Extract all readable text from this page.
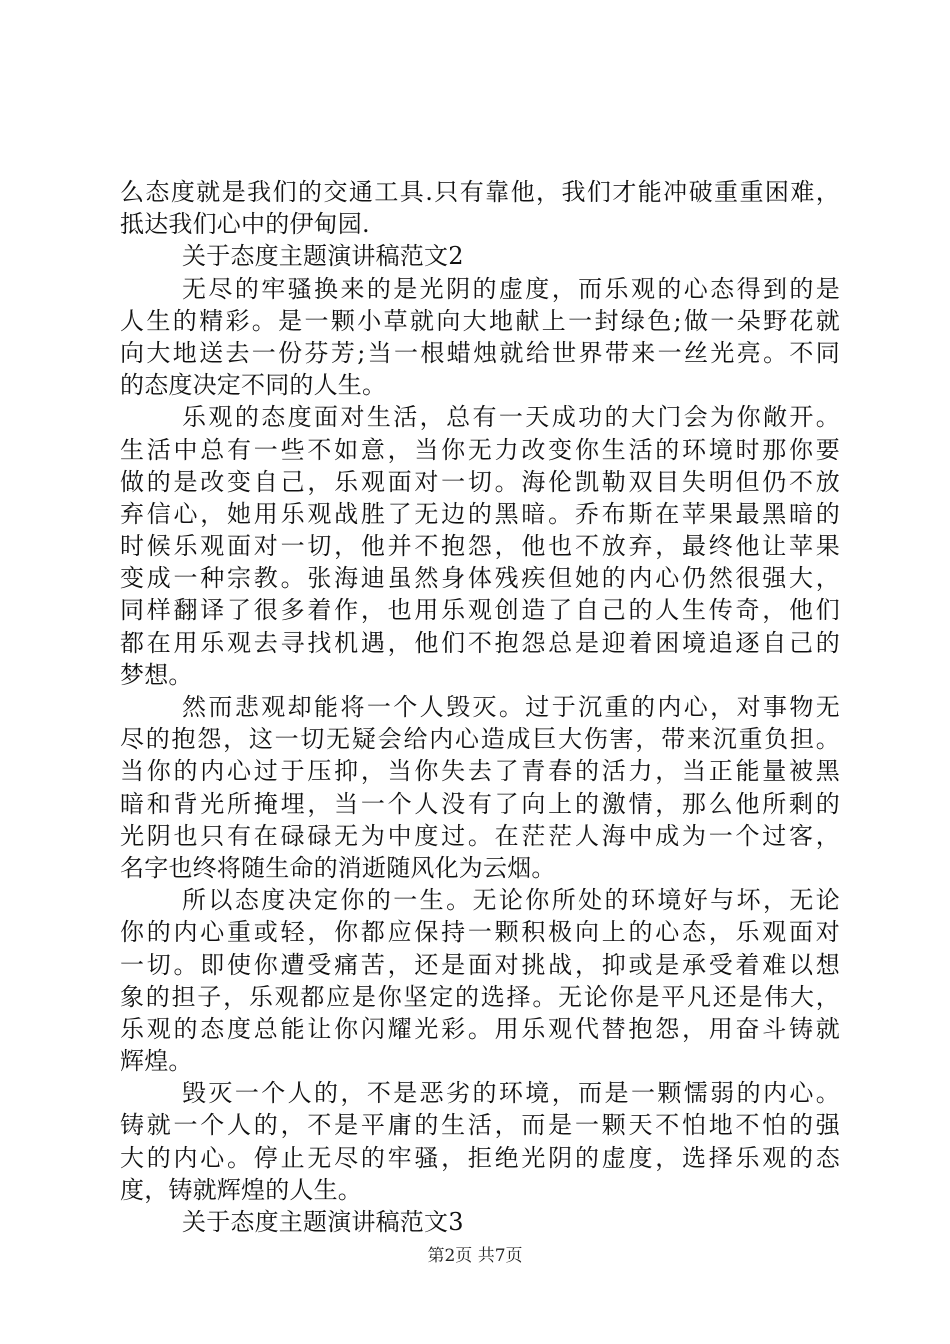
么态度就是我们的交通工具.只有靠他，我们才能冲破重重困难，
抵达我们心中的伊甸园.
关于态度主题演讲稿范文2
无尽的牢骚换来的是光阴的虚度，而乐观的心态得到的是
人生的精彩。是一颗小草就向大地献上一封绿色;做一朵野花就
向大地送去一份芬芳;当一根蜡烛就给世界带来一丝光亮。不同
的态度决定不同的人生。
乐观的态度面对生活，总有一天成功的大门会为你敞开。
生活中总有一些不如意，当你无力改变你生活的环境时那你要
做的是改变自己，乐观面对一切。海伦凯勒双目失明但仍不放
弃信心，她用乐观战胜了无边的黑暗。乔布斯在苹果最黑暗的
时候乐观面对一切，他并不抱怨，他也不放弃，最终他让苹果
变成一种宗教。张海迪虽然身体残疾但她的内心仍然很强大，
同样翻译了很多着作，也用乐观创造了自己的人生传奇，他们
都在用乐观去寻找机遇，他们不抱怨总是迎着困境追逐自己的
梦想。
然而悲观却能将一个人毁灭。过于沉重的内心，对事物无
尽的抱怨，这一切无疑会给内心造成巨大伤害，带来沉重负担。
当你的内心过于压抑，当你失去了青春的活力，当正能量被黑
暗和背光所掩埋，当一个人没有了向上的激情，那么他所剩的
光阴也只有在碌碌无为中度过。在茫茫人海中成为一个过客，
名字也终将随生命的消逝随风化为云烟。
所以态度决定你的一生。无论你所处的环境好与坏，无论
你的内心重或轻，你都应保持一颗积极向上的心态，乐观面对
一切。即使你遭受痛苦，还是面对挑战，抑或是承受着难以想
象的担子，乐观都应是你坚定的选择。无论你是平凡还是伟大，
乐观的态度总能让你闪耀光彩。用乐观代替抱怨，用奋斗铸就
辉煌。
毁灭一个人的，不是恶劣的环境，而是一颗懦弱的内心。
铸就一个人的，不是平庸的生活，而是一颗天不怕地不怕的强
大的内心。停止无尽的牢骚，拒绝光阴的虚度，选择乐观的态
度，铸就辉煌的人生。
关于态度主题演讲稿范文3
第2页 共7页
